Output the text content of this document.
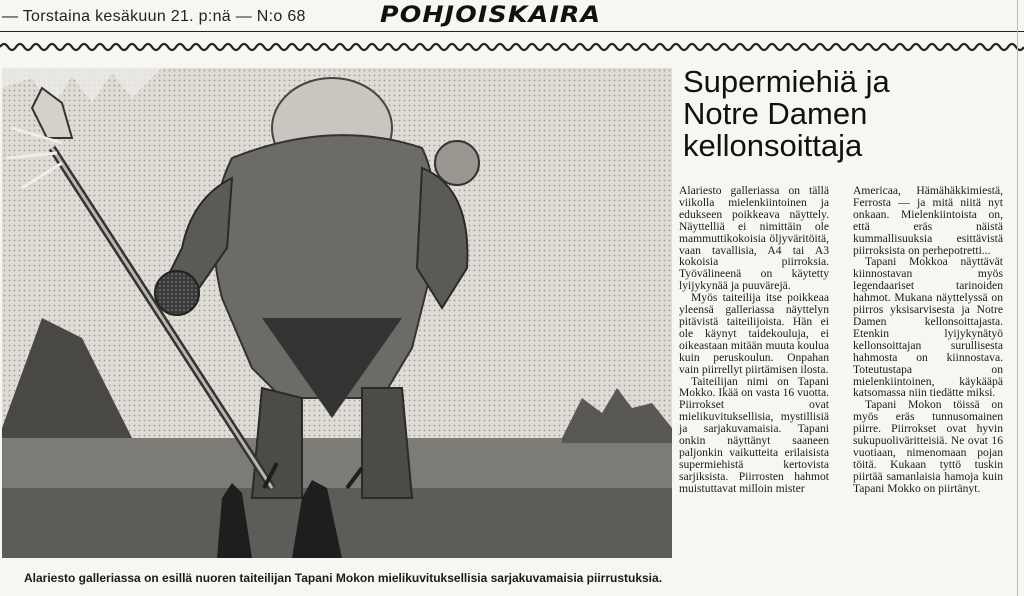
— Torstaina kesäkuun 21. p:nä — N:o 68	POHJOISKAIRA
Alariesto galleriassa on esillä nuoren taiteilijan Tapani Mokon mielikuvituksellisia sarjakuvamaisia piirrustuksia.
Supermiehiä ja
Notre Damen
kellonsoittaja

Alariesto galleriassa on tällä viikolla mielenkiintoinen ja edukseen poikkeava näyttely. Näyttelliä ei nimittäin ole mammuttikokoisia öljyväritöitä, vaan tavallisia, A4 tai A3 kokoisia piirroksia. Työvälineenä on käytetty lyijykynää ja puuvärejä.

Myös taiteilija itse poikkeaa yleensä galleriassa näyttelyn pitävistä taiteilijoista. Hän ei ole käynyt taidekouluja, ei oikeastaan mitään muuta koulua kuin peruskoulun. Onpahan vain piirrellyt piirtämisen ilosta.

Taiteilijan nimi on Tapani Mokko. Ikää on vasta 16 vuotta. Piirrokset ovat mielikuvituksellisia, mystillisiä ja sarjakuvamaisia. Tapani onkin näyttänyt saaneen paljonkin vaikutteita erilaisista supermiehistä kertovista sarjiksista. Piirrosten hahmot muistuttavat milloin mister

Americaa, Hämähäkkimiestä, Ferrosta — ja mitä niitä nyt onkaan. Mielenkiintoista on, että eräs näistä kummallisuuksia esittävistä piirroksista on perhepotretti...

Tapani Mokkoa näyttävät kiinnostavan myös legendaariset tarinoiden hahmot. Mukana näyttelyssä on piirros yksisarvisesta ja Notre Damen kellonsoittajasta. Etenkin lyijykynätyö kellonsoittajan surullisesta hahmosta on kiinnostava. Toteutustapa on mielenkiintoinen, käykääpä katsomassa niin tiedätte miksi.

Tapani Mokon töissä on myös eräs tunnusomainen piirre. Piirrokset ovat hyvin sukupuoliväritteisiä. Ne ovat 16 vuotiaan, nimenomaan pojan töitä. Kukaan tyttö tuskin piirtää samanlaisia hamoja kuin Tapani Mokko on piirtänyt.
